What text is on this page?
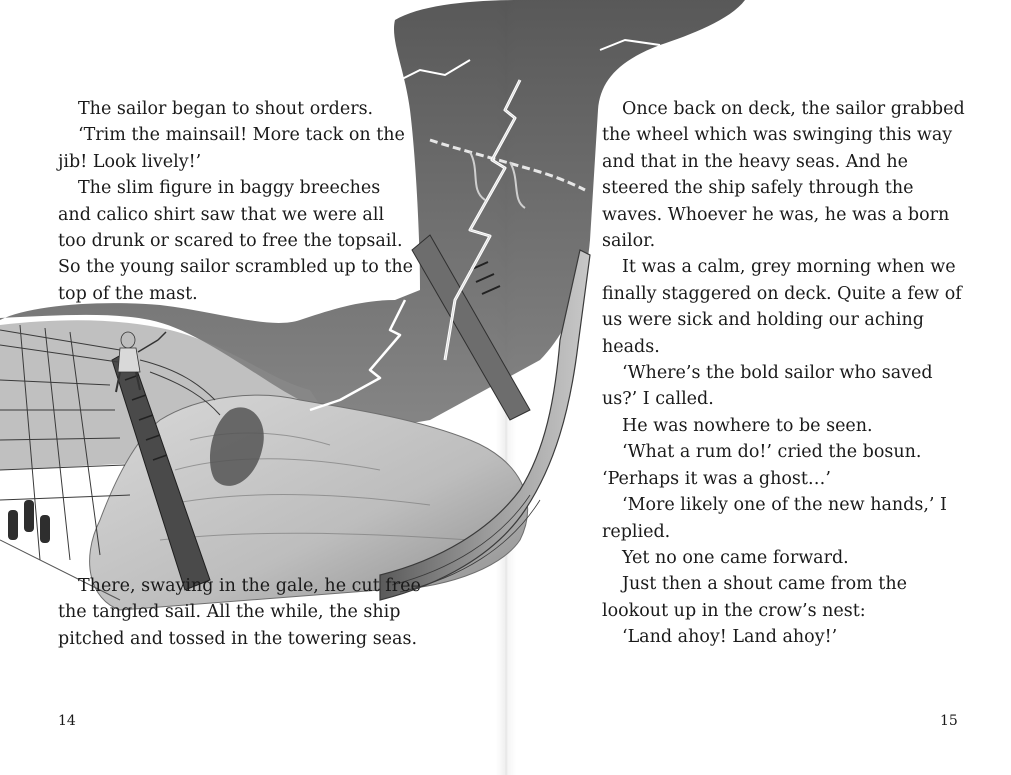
The sailor began to shout orders.

‘Trim the mainsail! More tack on the
jib! Look lively!’

The slim figure in baggy breeches
and calico shirt saw that we were all
too drunk or scared to free the topsail.
So the young sailor scrambled up to the
top of the mast.

There, swaying in the gale, he cut free
the tangled sail. All the while, the ship
pitched and tossed in the towering seas.

Once back on deck, the sailor grabbed
the wheel which was swinging this way
and that in the heavy seas. And he
steered the ship safely through the
waves. Whoever he was, he was a born
sailor.

It was a calm, grey morning when we
finally staggered on deck. Quite a few of
us were sick and holding our aching
heads.

‘Where’s the bold sailor who saved
us?’ I called.

He was nowhere to be seen.

‘What a rum do!’ cried the bosun.
‘Perhaps it was a ghost…’

‘More likely one of the new hands,’ I
replied.

Yet no one came forward.

Just then a shout came from the
lookout up in the crow’s nest:

‘Land ahoy! Land ahoy!’

14	15
